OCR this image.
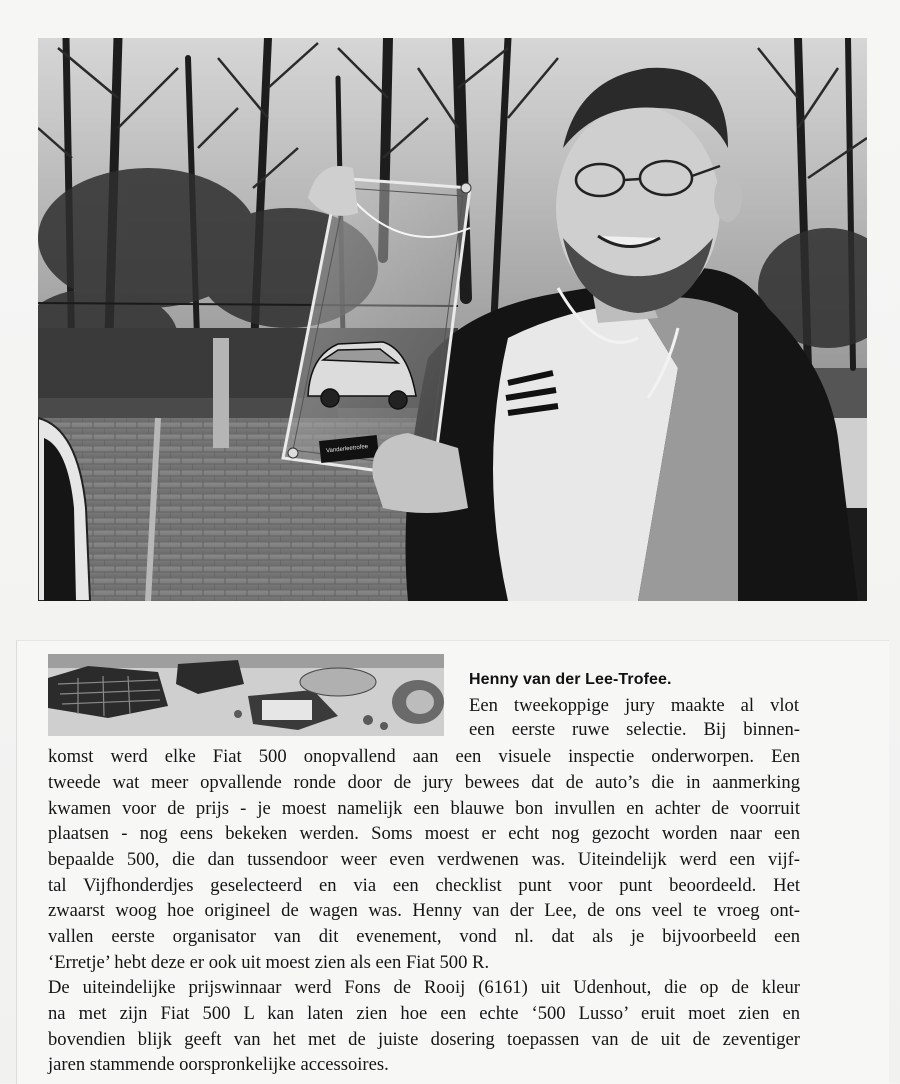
Vanderleetrofee
Henny van der Lee-Trofee.
Een tweekoppige jury maakte al vlot
een eerste ruwe selectie. Bij binnen-
komst werd elke Fiat 500 onopvallend aan een visuele inspectie onderworpen. Een
tweede wat meer opvallende ronde door de jury bewees dat de auto’s die in aanmerking
kwamen voor de prijs - je moest namelijk een blauwe bon invullen en achter de voorruit
plaatsen - nog eens bekeken werden. Soms moest er echt nog gezocht worden naar een
bepaalde 500, die dan tussendoor weer even verdwenen was. Uiteindelijk werd een vijf-
tal Vijfhonderdjes geselecteerd en via een checklist punt voor punt beoordeeld. Het
zwaarst woog hoe origineel de wagen was. Henny van der Lee, de ons veel te vroeg ont-
vallen eerste organisator van dit evenement, vond nl. dat als je bijvoorbeeld een
‘Erretje’ hebt deze er ook uit moest zien als een Fiat 500 R.
De uiteindelijke prijswinnaar werd Fons de Rooij (6161) uit Udenhout, die op de kleur
na met zijn Fiat 500 L kan laten zien hoe een echte ‘500 Lusso’ eruit moet zien en
bovendien blijk geeft van het met de juiste dosering toepassen van de uit de zeventiger
jaren stammende oorspronkelijke accessoires.
